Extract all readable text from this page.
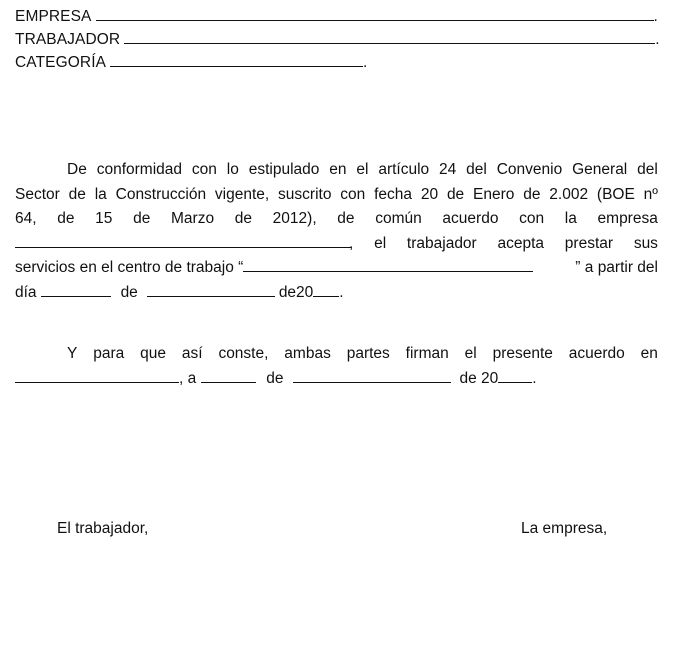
EMPRESA	.
TRABAJADOR	.
CATEGORÍA	.
De conformidad con lo estipulado en el artículo 24 del Convenio General del
Sector de la Construcción vigente, suscrito con fecha 20 de Enero de 2.002 (BOE nº
64, de 15 de Marzo de 2012), de común acuerdo con la empresa
, el trabajador acepta prestar sus
servicios en el centro de trabajo “	” a partir del
día	de	de20 .
Y para que así conste, ambas partes firman el presente acuerdo en
, a	de	de 20 .
El trabajador,	La empresa,
